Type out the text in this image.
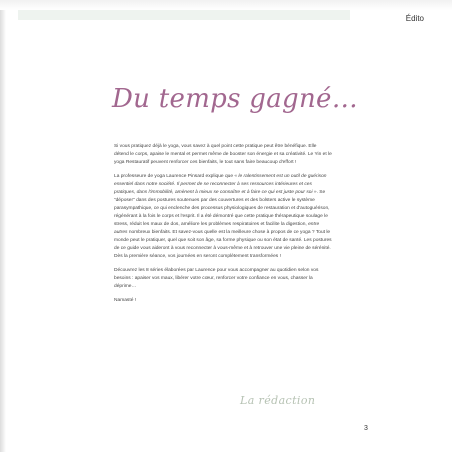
Édito
Du temps gagné…

Si vous pratiquez déjà le yoga, vous savez à quel point cette pratique peut être bénéfique. Elle détend le corps, apaise le mental et permet même de booster son énergie et sa créativité. Le Yin et le yoga Restauratif peuvent renforcer ces bienfaits, le tout sans faire beaucoup d'effort !

La professeure de yoga Laurence Pinsard explique que « le ralentissement est un outil de guérison essentiel dans notre société. Il permet de se reconnecter à ses ressources intérieures et ces pratiques, dans l'immobilité, amènent à mieux se connaître et à faire ce qui est juste pour soi ». Se “déposer” dans des postures soutenues par des couvertures et des bolsters active le système parasympathique, ce qui enclenche des processus physiologiques de restauration et d'autoguérison, régénérant à la fois le corps et l'esprit. Il a été démontré que cette pratique thérapeutique soulage le stress, réduit les maux de dos, améliore les problèmes respiratoires et facilite la digestion, entre autres nombreux bienfaits. Et savez-vous quelle est la meilleure chose à propos de ce yoga ? Tout le monde peut le pratiquer, quel que soit son âge, sa forme physique ou son état de santé. Les postures de ce guide vous aideront à vous reconnecter à vous-même et à retrouver une vie pleine de sérénité. Dès la première séance, vos journées en seront complètement transformées !

Découvrez les 8 séries élaborées par Laurence pour vous accompagner au quotidien selon vos besoins : apaiser vos maux, libérer votre cœur, renforcer votre confiance en vous, chasser la déprime…

Namasté !

La rédaction
3
